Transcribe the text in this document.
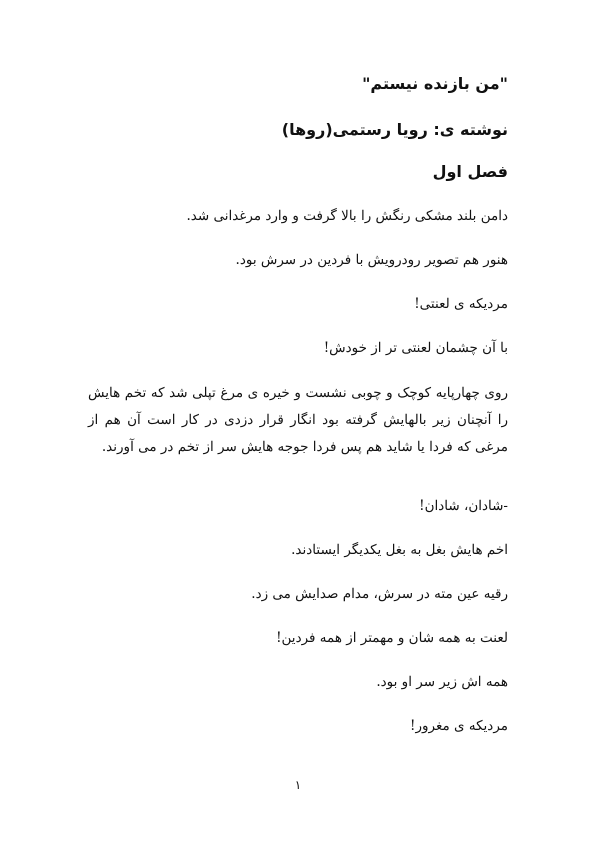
"من بازنده نیستم"
نوشته ی: رویا رستمی(روها)
فصل اول
دامن بلند مشکی رنگش را بالا گرفت و وارد مرغدانی شد.
هنور هم تصویر رودرویش با فردین در سرش بود.
مردیکه ی لعنتی!
با آن چشمان لعنتی تر از خودش!
روی چهارپایه کوچک و چوبی نشست و خیره ی مرغ تپلی شد که تخم هایش را آنچنان زیر بالهایش گرفته بود انگار قرار دزدی در کار است آن هم از مرغی که فردا یا شاید هم پس فردا جوجه هایش سر از تخم در می آورند.
-شادان، شادان!
اخم هایش بغل به بغل یکدیگر ایستادند.
رقیه عین مته در سرش، مدام صدایش می زد.
لعنت به همه شان و مهمتر از همه فردین!
همه اش زیر سر او بود.
مردیکه ی مغرور!
۱
